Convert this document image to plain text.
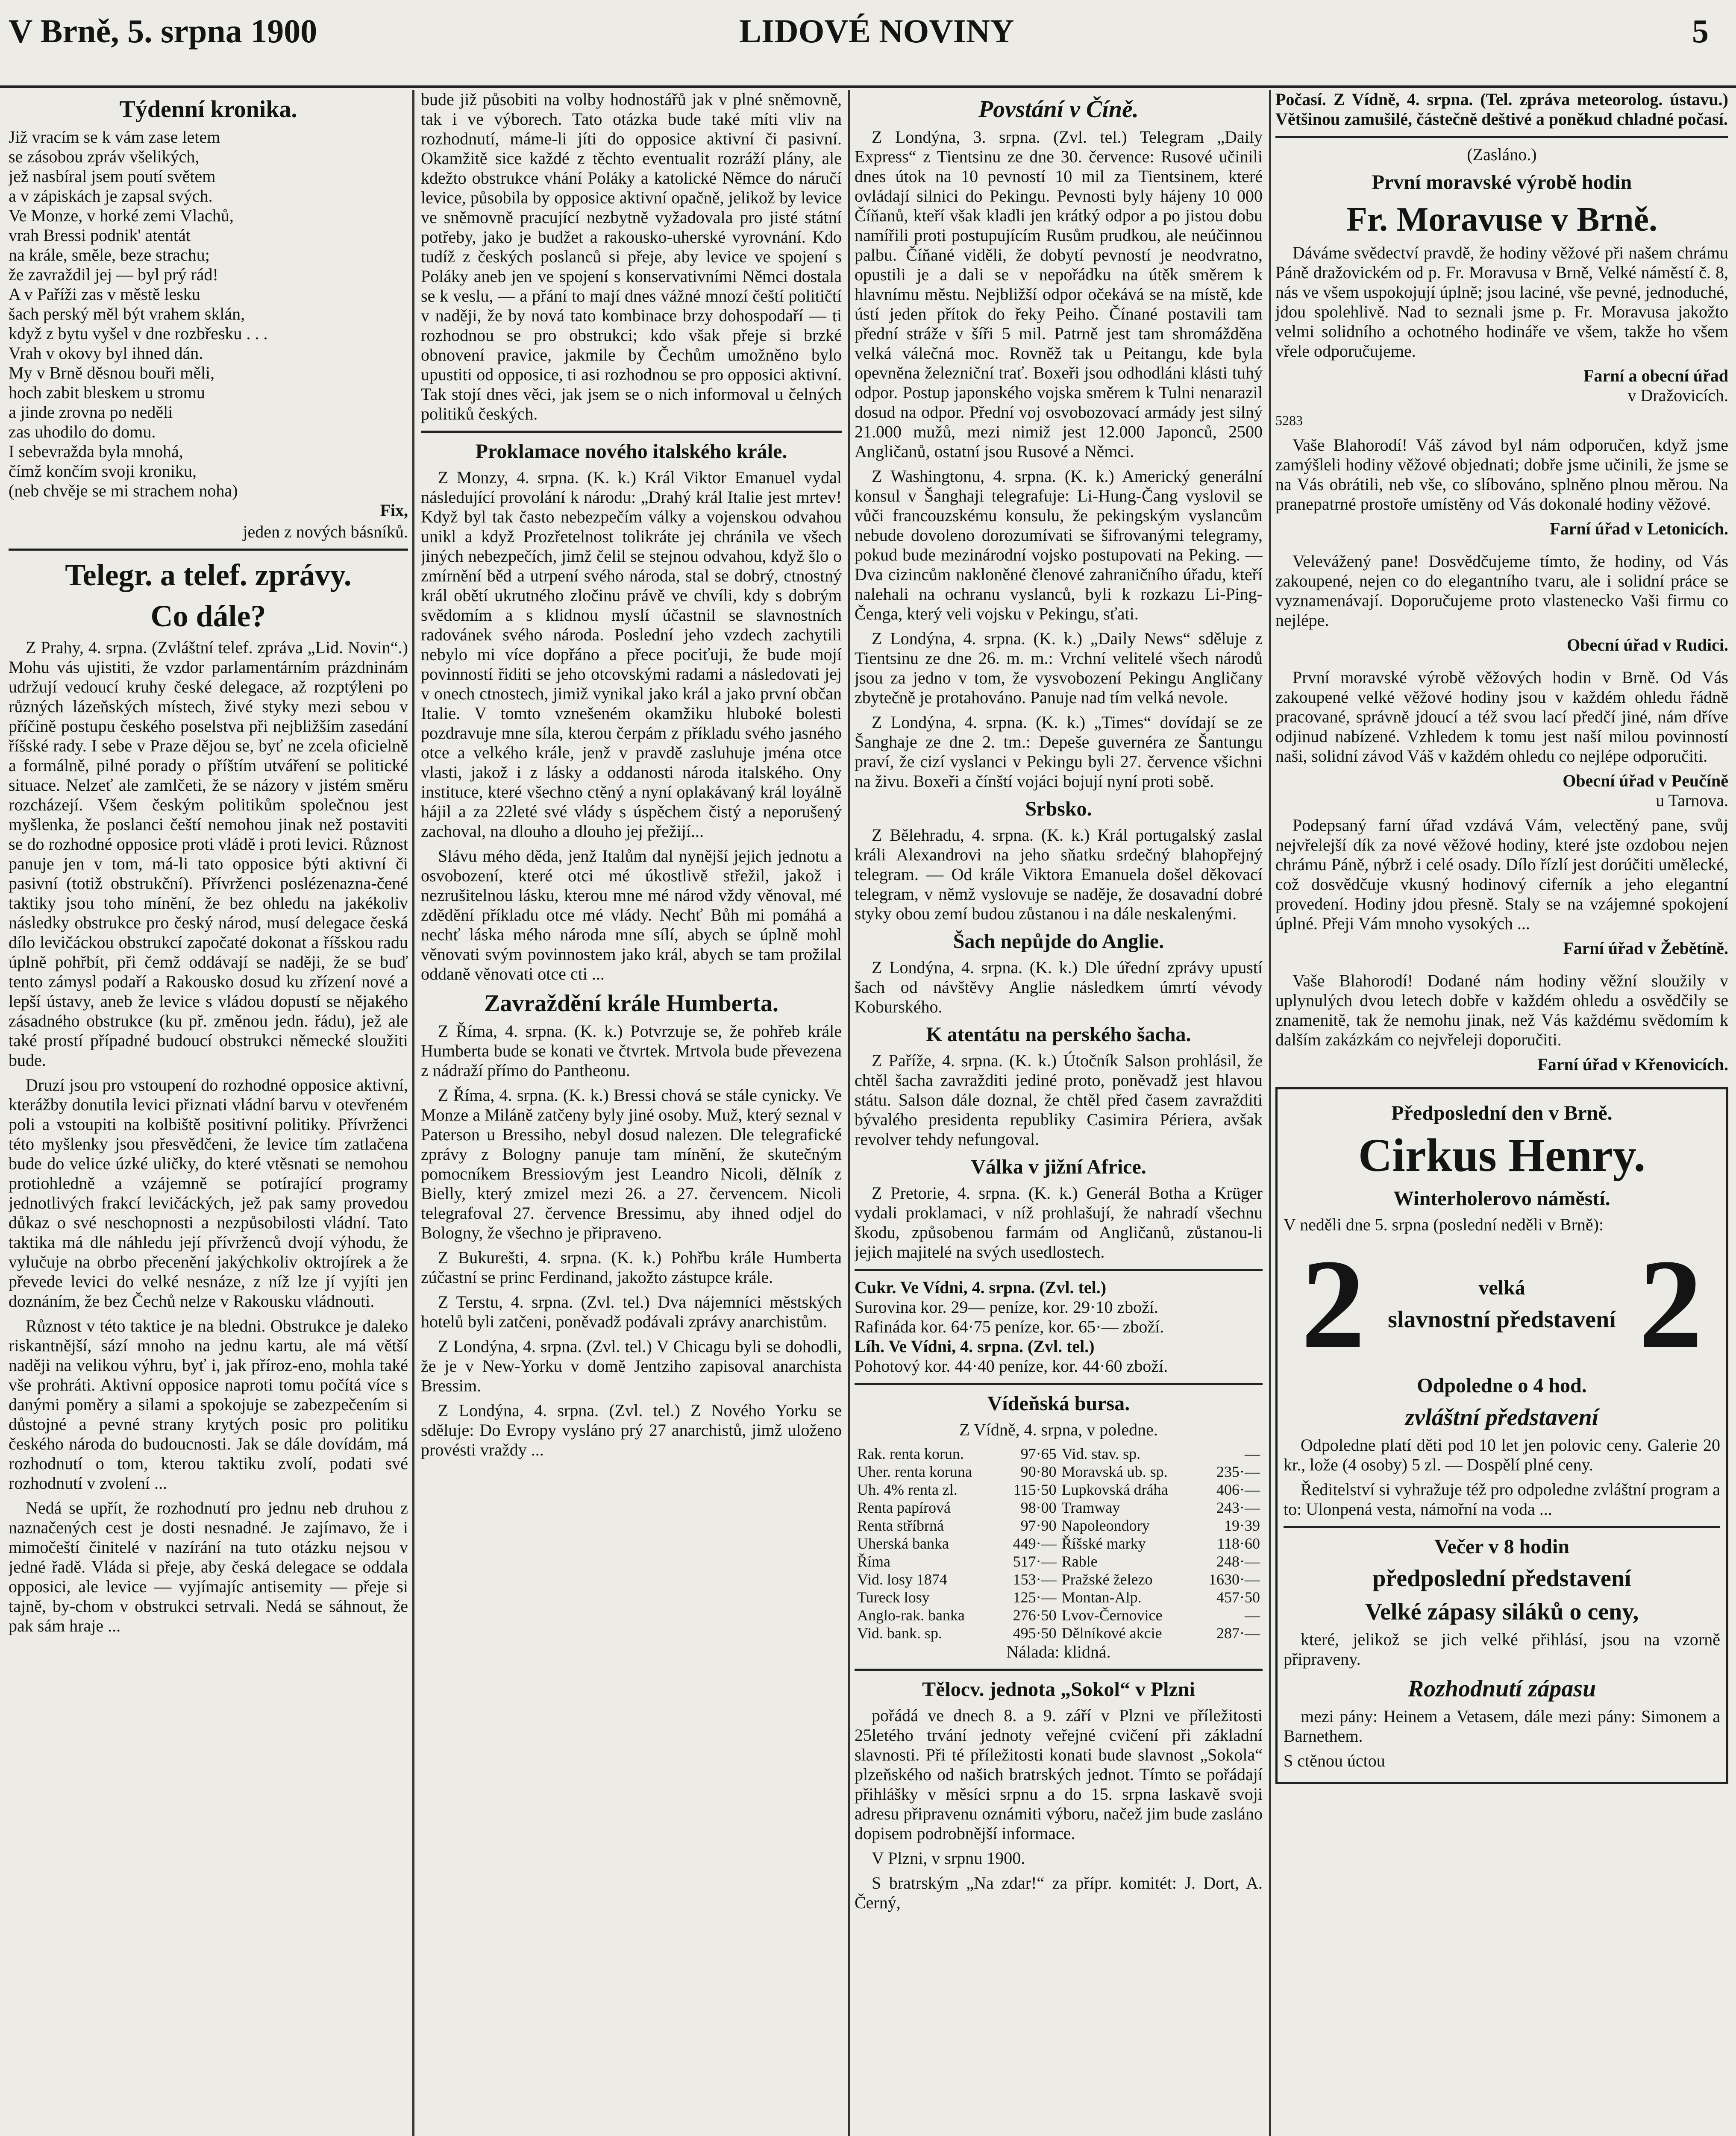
V Brně, 5. srpna 1900	LIDOVÉ NOVINY	5
Týdenní kronika.

Již vracím se k vám zase letem

se zásobou zpráv všelikých,

jež nasbíral jsem poutí světem

a v zápiskách je zapsal svých.

Ve Monze, v horké zemi Vlachů,

vrah Bressi podnik' atentát

na krále, směle, beze strachu;

že zavraždil jej — byl prý rád!

A v Paříži zas v městě lesku

šach perský měl být vrahem sklán,

když z bytu vyšel v dne rozbřesku . . .

Vrah v okovy byl ihned dán.

My v Brně děsnou bouři měli,

hoch zabit bleskem u stromu

a jinde zrovna po neděli

zas uhodilo do domu.

I sebevražda byla mnohá,

čímž končím svoji kroniku,

(neb chvěje se mi strachem noha)

Fix,

jeden z nových básníků.

Telegr. a telef. zprávy.
Co dále?

Z Prahy, 4. srpna. (Zvláštní telef. zpráva „Lid. Novin“.) Mohu vás ujistiti, že vzdor parlamentárním prázdninám udržují vedoucí kruhy české delegace, až rozptýleni po různých lázeňských místech, živé styky mezi sebou v příčině postupu českého poselstva při nejbližším zasedání říšské rady. I sebe v Praze dějou se, byť ne zcela oficielně a formálně, pilné porady o příštím utváření se politické situace. Nelzeť ale zamlčeti, že se názory v jistém směru rozcházejí. Všem českým politikům společnou jest myšlenka, že poslanci čeští nemohou jinak než postaviti se do rozhodné opposice proti vládě i proti levici. Různost panuje jen v tom, má-li tato opposice býti aktivní či pasivní (totiž obstrukční). Přívrženci poslézenazna-čené taktiky jsou toho mínění, že bez ohledu na jakékoliv následky obstrukce pro český národ, musí delegace česká dílo levičáckou obstrukcí započaté dokonat a říšskou radu úplně pohřbít, při čemž oddávají se naději, že se buď tento zámysl podaří a Rakousko dosud ku zřízení nové a lepší ústavy, aneb že levice s vládou dopustí se nějakého zásadného obstrukce (ku př. změnou jedn. řádu), jež ale také prostí případné budoucí obstrukci německé sloužiti bude.

Druzí jsou pro vstoupení do rozhodné opposice aktivní, kterážby donutila levici přiznati vládní barvu v otevřeném poli a vstoupiti na kolbiště positivní politiky. Přívrženci této myšlenky jsou přesvědčeni, že levice tím zatlačena bude do velice úzké uličky, do které vtěsnati se nemohou protiohledně a vzájemně se potírající programy jednotlivých frakcí levičáckých, jež pak samy provedou důkaz o své neschopnosti a nezpůsobilosti vládní. Tato taktika má dle náhledu její přívrženců dvojí výhodu, že vylučuje na obrbo přecenění jakýchkoliv oktrojírek a že převede levici do velké nesnáze, z níž lze jí vyjíti jen doznáním, že bez Čechů nelze v Rakousku vládnouti.

Různost v této taktice je na bledni. Obstrukce je daleko riskantnější, sází mnoho na jednu kartu, ale má větší naději na velikou výhru, byť i, jak příroz-eno, mohla také vše prohráti. Aktivní opposice naproti tomu počítá více s danými poměry a silami a spokojuje se zabezpečením si důstojné a pevné strany krytých posic pro politiku českého národa do budoucnosti. Jak se dále dovídám, má rozhodnutí o tom, kterou taktiku zvolí, podati své rozhodnutí v zvolení ...

Nedá se upřít, že rozhodnutí pro jednu neb druhou z naznačených cest je dosti nesnadné. Je zajímavo, že i mimočeští činitelé v nazírání na tuto otázku nejsou v jedné řadě. Vláda si přeje, aby česká delegace se oddala opposici, ale levice — vyjímajíc antisemity — přeje si tajně, by-chom v obstrukci setrvali. Nedá se sáhnout, že pak sám hraje ...

bude již působiti na volby hodnostářů jak v plné sněmovně, tak i ve výborech. Tato otázka bude také míti vliv na rozhodnutí, máme-li jíti do opposice aktivní či pasivní. Okamžitě sice každé z těchto eventualit rozráží plány, ale kdežto obstrukce vhání Poláky a katolické Němce do náručí levice, působila by opposice aktivní opačně, jelikož by levice ve sněmovně pracující nezbytně vyžadovala pro jisté státní potřeby, jako je budžet a rakousko-uherské vyrovnání. Kdo tudíž z českých poslanců si přeje, aby levice ve spojení s Poláky aneb jen ve spojení s konservativními Němci dostala se k veslu, — a přání to mají dnes vážné mnozí čeští političtí v naději, že by nová tato kombinace brzy dohospodaří — ti rozhodnou se pro obstrukci; kdo však přeje si brzké obnovení pravice, jakmile by Čechům umožněno bylo upustiti od opposice, ti asi rozhodnou se pro opposici aktivní. Tak stojí dnes věci, jak jsem se o nich informoval u čelných politiků českých.

Proklamace nového italského krále.

Z Monzy, 4. srpna. (K. k.) Král Viktor Emanuel vydal následující provolání k národu: „Drahý král Italie jest mrtev! Když byl tak často nebezpečím války a vojenskou odvahou unikl a když Prozřetelnost tolikráte jej chránila ve všech jiných nebezpečích, jimž čelil se stejnou odvahou, když šlo o zmírnění běd a utrpení svého národa, stal se dobrý, ctnostný král obětí ukrutného zločinu právě ve chvíli, kdy s dobrým svědomím a s klidnou myslí účastnil se slavnostních radovánek svého národa. Poslední jeho vzdech zachytili nebylo mi více dopřáno a přece pociťuji, že bude mojí povinností řiditi se jeho otcovskými radami a následovati jej v onech ctnostech, jimiž vynikal jako král a jako první občan Italie. V tomto vznešeném okamžiku hluboké bolesti pozdravuje mne síla, kterou čerpám z příkladu svého jasného otce a velkého krále, jenž v pravdě zasluhuje jména otce vlasti, jakož i z lásky a oddanosti národa italského. Ony instituce, které všechno ctěný a nyní oplakávaný král loyálně hájil a za 22leté své vlády s úspěchem čistý a neporušený zachoval, na dlouho a dlouho jej přežijí...

Slávu mého děda, jenž Italům dal nynější jejich jednotu a osvobození, které otci mé úkostlivě střežil, jakož i nezrušitelnou lásku, kterou mne mé národ vždy věnoval, mé zdědění příkladu otce mé vlády. Nechť Bůh mi pomáhá a nechť láska mého národa mne sílí, abych se úplně mohl věnovati svým povinnostem jako král, abych se tam prožilal oddaně věnovati otce cti ...

Zavraždění krále Humberta.

Z Říma, 4. srpna. (K. k.) Potvrzuje se, že pohřeb krále Humberta bude se konati ve čtvrtek. Mrtvola bude převezena z nádraží přímo do Pantheonu.

Z Říma, 4. srpna. (K. k.) Bressi chová se stále cynicky. Ve Monze a Miláně zatčeny byly jiné osoby. Muž, který seznal v Paterson u Bressiho, nebyl dosud nalezen. Dle telegrafické zprávy z Bologny panuje tam mínění, že skutečným pomocníkem Bressiovým jest Leandro Nicoli, dělník z Bielly, který zmizel mezi 26. a 27. červencem. Nicoli telegrafoval 27. července Bressimu, aby ihned odjel do Bologny, že všechno je připraveno.

Z Bukurešti, 4. srpna. (K. k.) Pohřbu krále Humberta zúčastní se princ Ferdinand, jakožto zástupce krále.

Z Terstu, 4. srpna. (Zvl. tel.) Dva nájemníci městských hotelů byli zatčeni, poněvadž podávali zprávy anarchistům.

Z Londýna, 4. srpna. (Zvl. tel.) V Chicagu byli se dohodli, že je v New-Yorku v domě Jentziho zapisoval anarchista Bressim.

Z Londýna, 4. srpna. (Zvl. tel.) Z Nového Yorku se sděluje: Do Evropy vysláno prý 27 anarchistů, jimž uloženo provésti vraždy ...

Povstání v Číně.

Z Londýna, 3. srpna. (Zvl. tel.) Telegram „Daily Express“ z Tientsinu ze dne 30. července: Rusové učinili dnes útok na 10 pevností 10 mil za Tientsinem, které ovládají silnici do Pekingu. Pevnosti byly hájeny 10 000 Číňanů, kteří však kladli jen krátký odpor a po jistou dobu namířili proti postupujícím Rusům prudkou, ale neúčinnou palbu. Číňané viděli, že dobytí pevností je neodvratno, opustili je a dali se v nepořádku na útěk směrem k hlavnímu městu. Nejbližší odpor očekává se na místě, kde ústí jeden přítok do řeky Peiho. Čínané postavili tam přední stráže v šíři 5 mil. Patrně jest tam shromážděna velká válečná moc. Rovněž tak u Peitangu, kde byla opevněna železniční trať. Boxeři jsou odhodláni klásti tuhý odpor. Postup japonského vojska směrem k Tulni nenarazil dosud na odpor. Přední voj osvobozovací armády jest silný 21.000 mužů, mezi nimiž jest 12.000 Japonců, 2500 Angličanů, ostatní jsou Rusové a Němci.

Z Washingtonu, 4. srpna. (K. k.) Americký generální konsul v Šanghaji telegrafuje: Li-Hung-Čang vyslovil se vůči francouzskému konsulu, že pekingským vyslancům nebude dovoleno dorozumívati se šifrovanými telegramy, pokud bude mezinárodní vojsko postupovati na Peking. — Dva cizincům nakloněné členové zahraničního úřadu, kteří nalehali na ochranu vyslanců, byli k rozkazu Li-Ping-Čenga, který veli vojsku v Pekingu, sťati.

Z Londýna, 4. srpna. (K. k.) „Daily News“ sděluje z Tientsinu ze dne 26. m. m.: Vrchní velitelé všech národů jsou za jedno v tom, že vysvobození Pekingu Angličany zbytečně je protahováno. Panuje nad tím velká nevole.

Z Londýna, 4. srpna. (K. k.) „Times“ dovídají se ze Šanghaje ze dne 2. tm.: Depeše guvernéra ze Šantungu praví, že cizí vyslanci v Pekingu byli 27. července všichni na živu. Boxeři a čínští vojáci bojují nyní proti sobě.

Srbsko.

Z Bělehradu, 4. srpna. (K. k.) Král portugalský zaslal králi Alexandrovi na jeho sňatku srdečný blahopřejný telegram. — Od krále Viktora Emanuela došel děkovací telegram, v němž vyslovuje se naděje, že dosavadní dobré styky obou zemí budou zůstanou i na dále neskalenými.

Šach nepůjde do Anglie.

Z Londýna, 4. srpna. (K. k.) Dle úřední zprávy upustí šach od návštěvy Anglie následkem úmrtí vévody Koburského.

K atentátu na perského šacha.

Z Paříže, 4. srpna. (K. k.) Útočník Salson prohlásil, že chtěl šacha zavražditi jediné proto, poněvadž jest hlavou státu. Salson dále doznal, že chtěl před časem zavražditi bývalého presidenta republiky Casimira Périera, avšak revolver tehdy nefungoval.

Válka v jižní Africe.

Z Pretorie, 4. srpna. (K. k.) Generál Botha a Krüger vydali proklamaci, v níž prohlašují, že nahradí všechnu škodu, způsobenou farmám od Angličanů, zůstanou-li jejich majitelé na svých usedlostech.

Cukr. Ve Vídni, 4. srpna. (Zvl. tel.)

Surovina kor. 29— peníze, kor. 29·10 zboží.

Rafináda kor. 64·75 peníze, kor. 65·— zboží.

Líh. Ve Vídni, 4. srpna. (Zvl. tel.)

Pohotový kor. 44·40 peníze, kor. 44·60 zboží.

Vídeňská bursa.

Z Vídně, 4. srpna, v poledne.

Rak. renta korun.	97·65	Vid. stav. sp.	—
Uher. renta koruna	90·80	Moravská ub. sp.	235·—
Uh. 4% renta zl.	115·50	Lupkovská dráha	406·—
Renta papírová	98·00	Tramway	243·—
Renta stříbrná	97·90	Napoleondory	19·39
Uherská banka	449·—	Říšské marky	118·60
Říma	517·—	Rable	248·—
Vid. losy 1874	153·—	Pražské železo	1630·—
Tureck losy	125·—	Montan-Alp.	457·50
Anglo-rak. banka	276·50	Lvov-Černovice	—
Vid. bank. sp.	495·50	Dělníkové akcie	287·—

Nálada: klidná.

Tělocv. jednota „Sokol“ v Plzni

pořádá ve dnech 8. a 9. září v Plzni ve příležitosti 25letého trvání jednoty veřejné cvičení při základní slavnosti. Při té příležitosti konati bude slavnost „Sokola“ plzeňského od našich bratrských jednot. Tímto se pořádají přihlášky v měsíci srpnu a do 15. srpna laskavě svoji adresu připravenu oznámiti výboru, načež jim bude zasláno dopisem podrobnější informace.

V Plzni, v srpnu 1900.

S bratrským „Na zdar!“ za přípr. komitét: J. Dort, A. Černý,

Počasí. Z Vídně, 4. srpna. (Tel. zpráva meteorolog. ústavu.) Většinou zamušilé, částečně deštivé a poněkud chladné počasí.

(Zasláno.)

První moravské výrobě hodin
Fr. Moravuse v Brně.

Dáváme svědectví pravdě, že hodiny věžové při našem chrámu Páně dražovickém od p. Fr. Moravusa v Brně, Velké náměstí č. 8, nás ve všem uspokojují úplně; jsou laciné, vše pevné, jednoduché, jdou spolehlivě. Nad to seznali jsme p. Fr. Moravusa jakožto velmi solidního a ochotného hodináře ve všem, takže ho všem vřele odporučujeme.

Farní a obecní úřad

v Dražovicích.

5283

Vaše Blahorodí! Váš závod byl nám odporučen, když jsme zamýšleli hodiny věžové objednati; dobře jsme učinili, že jsme se na Vás obrátili, neb vše, co slíbováno, splněno plnou měrou. Na pranepatrné prostoře umístěny od Vás dokonalé hodiny věžové.

Farní úřad v Letonicích.

Velevážený pane! Dosvědčujeme tímto, že hodiny, od Vás zakoupené, nejen co do elegantního tvaru, ale i solidní práce se vyznamenávají. Doporučujeme proto vlastenecko Vaši firmu co nejlépe.

Obecní úřad v Rudici.

První moravské výrobě věžových hodin v Brně. Od Vás zakoupené velké věžové hodiny jsou v každém ohledu řádně pracované, správně jdoucí a též svou lací předčí jiné, nám dříve odjinud nabízené. Vzhledem k tomu jest naší milou povinností naši, solidní závod Váš v každém ohledu co nejlépe odporučiti.

Obecní úřad v Peučíně

u Tarnova.

Podepsaný farní úřad vzdává Vám, velectěný pane, svůj nejvřelejší dík za nové věžové hodiny, které jste ozdobou nejen chrámu Páně, nýbrž i celé osady. Dílo řízlí jest dorúčiti umělecké, což dosvědčuje vkusný hodinový ciferník a jeho elegantní provedení. Hodiny jdou přesně. Staly se na vzájemné spokojení úplné. Přeji Vám mnoho vysokých ...

Farní úřad v Žebětíně.

Vaše Blahorodí! Dodané nám hodiny věžní sloužily v uplynulých dvou letech dobře v každém ohledu a osvědčily se znamenitě, tak že nemohu jinak, než Vás každému svědomím k dalším zakázkám co nejvřeleji doporučiti.

Farní úřad v Křenovicích.

Předposlední den v Brně.
Cirkus Henry.
Winterholerovo náměstí.

V neděli dne 5. srpna (poslední neděli v Brně):

2	velká
slavnostní představení 2
Odpoledne o 4 hod.
zvláštní představení

Odpoledne platí děti pod 10 let jen polovic ceny. Galerie 20 kr., lože (4 osoby) 5 zl. — Dospělí plné ceny.

Ředitelství si vyhražuje též pro odpoledne zvláštní program a to: Ulonpená vesta, námořní na voda ...

Večer v 8 hodin
předposlední představení
Velké zápasy siláků o ceny,

které, jelikož se jich velké přihlásí, jsou na vzorně připraveny.

Rozhodnutí zápasu

mezi pány: Heinem a Vetasem, dále mezi pány: Simonem a Barnethem.

S ctěnou úctou
